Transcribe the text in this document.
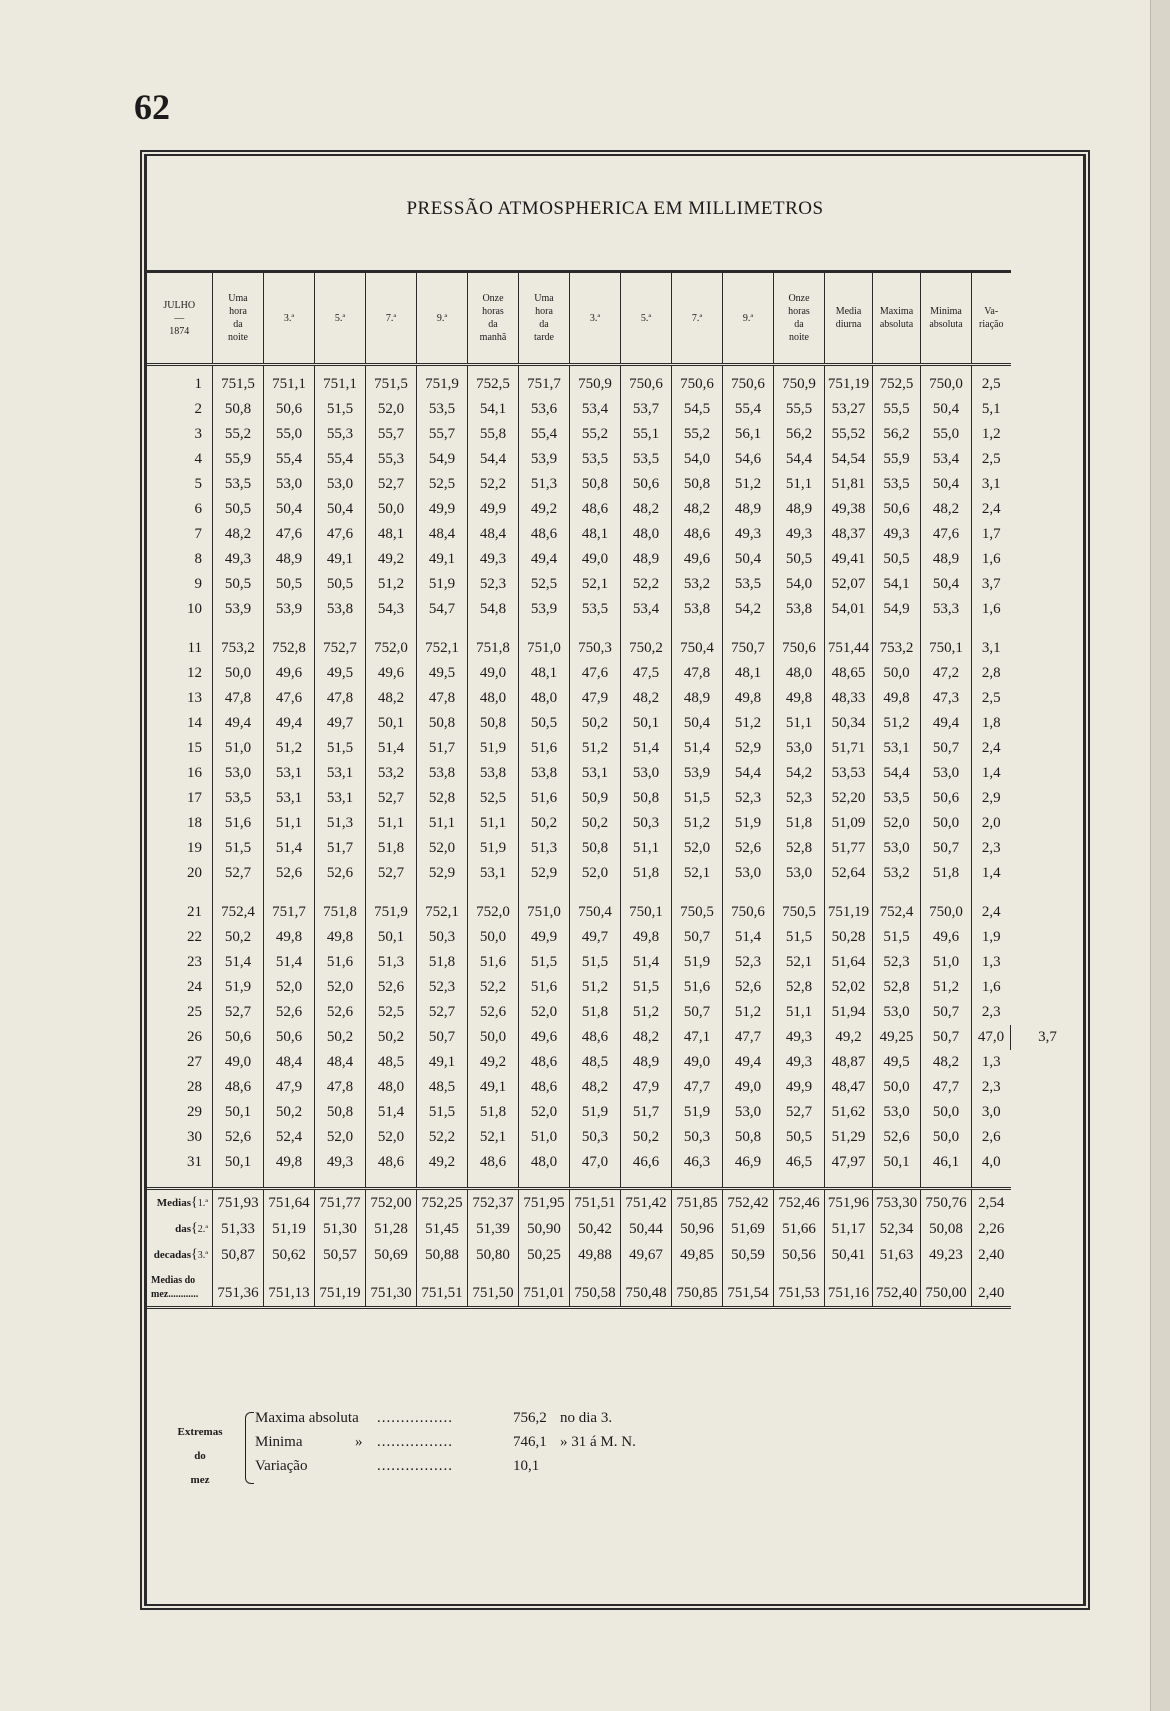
62
PRESSÃO ATMOSPHERICA EM MILLIMETROS
JULHO
—
1874	Uma
hora
da
noite	3.ª	5.ª	7.ª	9.ª	Onze
horas
da
manhã	Uma
hora
da
tarde	3.ª	5.ª	7.ª	9.ª	Onze
horas
da
noite	Media
diurna	Maxima
absoluta	Minima
absoluta	Va-
riação	

1	751,5	751,1	751,1	751,5	751,9	752,5	751,7	750,9	750,6	750,6	750,6	750,9	751,19	752,5	750,0	2,5	
2	50,8	50,6	51,5	52,0	53,5	54,1	53,6	53,4	53,7	54,5	55,4	55,5	53,27	55,5	50,4	5,1	
3	55,2	55,0	55,3	55,7	55,7	55,8	55,4	55,2	55,1	55,2	56,1	56,2	55,52	56,2	55,0	1,2	
4	55,9	55,4	55,4	55,3	54,9	54,4	53,9	53,5	53,5	54,0	54,6	54,4	54,54	55,9	53,4	2,5	
5	53,5	53,0	53,0	52,7	52,5	52,2	51,3	50,8	50,6	50,8	51,2	51,1	51,81	53,5	50,4	3,1	
6	50,5	50,4	50,4	50,0	49,9	49,9	49,2	48,6	48,2	48,2	48,9	48,9	49,38	50,6	48,2	2,4	
7	48,2	47,6	47,6	48,1	48,4	48,4	48,6	48,1	48,0	48,6	49,3	49,3	48,37	49,3	47,6	1,7	
8	49,3	48,9	49,1	49,2	49,1	49,3	49,4	49,0	48,9	49,6	50,4	50,5	49,41	50,5	48,9	1,6	
9	50,5	50,5	50,5	51,2	51,9	52,3	52,5	52,1	52,2	53,2	53,5	54,0	52,07	54,1	50,4	3,7	
10	53,9	53,9	53,8	54,3	54,7	54,8	53,9	53,5	53,4	53,8	54,2	53,8	54,01	54,9	53,3	1,6	

11	753,2	752,8	752,7	752,0	752,1	751,8	751,0	750,3	750,2	750,4	750,7	750,6	751,44	753,2	750,1	3,1	
12	50,0	49,6	49,5	49,6	49,5	49,0	48,1	47,6	47,5	47,8	48,1	48,0	48,65	50,0	47,2	2,8	
13	47,8	47,6	47,8	48,2	47,8	48,0	48,0	47,9	48,2	48,9	49,8	49,8	48,33	49,8	47,3	2,5	
14	49,4	49,4	49,7	50,1	50,8	50,8	50,5	50,2	50,1	50,4	51,2	51,1	50,34	51,2	49,4	1,8	
15	51,0	51,2	51,5	51,4	51,7	51,9	51,6	51,2	51,4	51,4	52,9	53,0	51,71	53,1	50,7	2,4	
16	53,0	53,1	53,1	53,2	53,8	53,8	53,8	53,1	53,0	53,9	54,4	54,2	53,53	54,4	53,0	1,4	
17	53,5	53,1	53,1	52,7	52,8	52,5	51,6	50,9	50,8	51,5	52,3	52,3	52,20	53,5	50,6	2,9	
18	51,6	51,1	51,3	51,1	51,1	51,1	50,2	50,2	50,3	51,2	51,9	51,8	51,09	52,0	50,0	2,0	
19	51,5	51,4	51,7	51,8	52,0	51,9	51,3	50,8	51,1	52,0	52,6	52,8	51,77	53,0	50,7	2,3	
20	52,7	52,6	52,6	52,7	52,9	53,1	52,9	52,0	51,8	52,1	53,0	53,0	52,64	53,2	51,8	1,4	

21	752,4	751,7	751,8	751,9	752,1	752,0	751,0	750,4	750,1	750,5	750,6	750,5	751,19	752,4	750,0	2,4	
22	50,2	49,8	49,8	50,1	50,3	50,0	49,9	49,7	49,8	50,7	51,4	51,5	50,28	51,5	49,6	1,9	
23	51,4	51,4	51,6	51,3	51,8	51,6	51,5	51,5	51,4	51,9	52,3	52,1	51,64	52,3	51,0	1,3	
24	51,9	52,0	52,0	52,6	52,3	52,2	51,6	51,2	51,5	51,6	52,6	52,8	52,02	52,8	51,2	1,6	
25	52,7	52,6	52,6	52,5	52,7	52,6	52,0	51,8	51,2	50,7	51,2	51,1	51,94	53,0	50,7	2,3	
26	50,6	50,6	50,2	50,2	50,7	50,0	49,6	48,6	48,2	47,1	47,7	49,3	49,2	49,25	50,7	47,0	3,7
27	49,0	48,4	48,4	48,5	49,1	49,2	48,6	48,5	48,9	49,0	49,4	49,3	48,87	49,5	48,2	1,3	
28	48,6	47,9	47,8	48,0	48,5	49,1	48,6	48,2	47,9	47,7	49,0	49,9	48,47	50,0	47,7	2,3	
29	50,1	50,2	50,8	51,4	51,5	51,8	52,0	51,9	51,7	51,9	53,0	52,7	51,62	53,0	50,0	3,0	
30	52,6	52,4	52,0	52,0	52,2	52,1	51,0	50,3	50,2	50,3	50,8	50,5	51,29	52,6	50,0	2,6	
31	50,1	49,8	49,3	48,6	49,2	48,6	48,0	47,0	46,6	46,3	46,9	46,5	47,97	50,1	46,1	4,0	

Medias{1.ª	751,93	751,64	751,77	752,00	752,25	752,37	751,95	751,51	751,42	751,85	752,42	752,46	751,96	753,30	750,76	2,54	
das{2.ª	51,33	51,19	51,30	51,28	51,45	51,39	50,90	50,42	50,44	50,96	51,69	51,66	51,17	52,34	50,08	2,26	
decadas{3.ª	50,87	50,62	50,57	50,69	50,88	50,80	50,25	49,88	49,67	49,85	50,59	50,56	50,41	51,63	49,23	2,40	
Medias do mez............	751,36	751,13	751,19	751,30	751,51	751,50	751,01	750,58	750,48	750,85	751,54	751,53	751,16	752,40	750,00	2,40	
Extremas
do
mez
Maxima absoluta ................	756,2 no dia 3.
Minima	» ................	746,1 » 31 á M. N.
Variação	................	10,1
